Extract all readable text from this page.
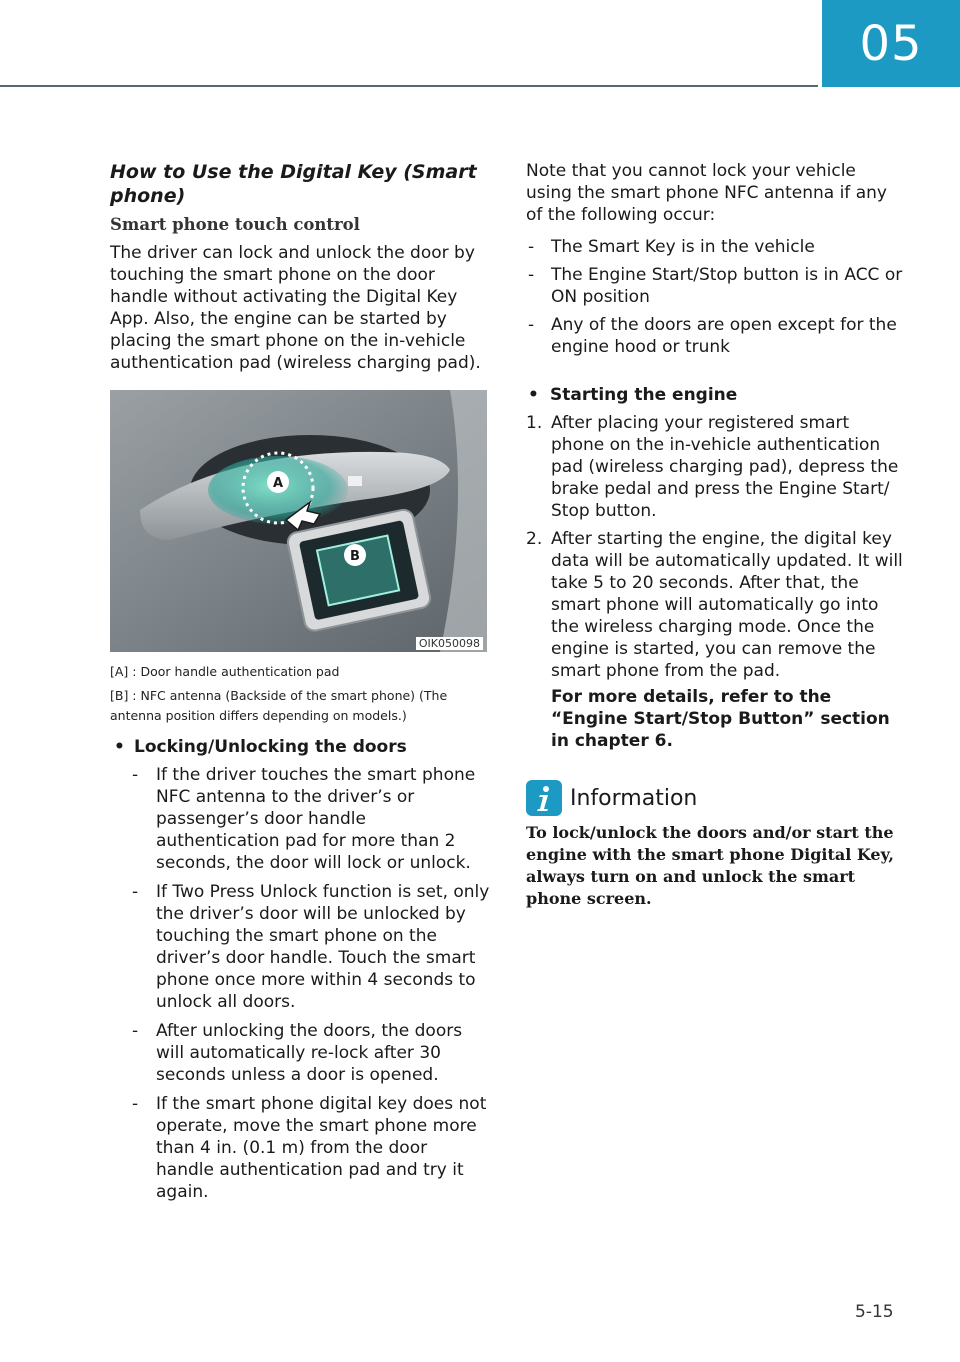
05
How to Use the Digital Key (Smart phone)
Smart phone touch control

The driver can lock and unlock the door by touching the smart phone on the door handle without activating the Digital Key App. Also, the engine can be started by placing the smart phone on the in-vehicle authentication pad (wireless charging pad).

A
B
OIK050098

[A] : Door handle authentication pad

[B] : NFC antenna (Backside of the smart phone) (The antenna position differs depending on models.)

• Locking/Unlocking the doors
- If the driver touches the smart phone NFC antenna to the driver’s or passenger’s door handle authentication pad for more than 2 seconds, the door will lock or unlock.
- If Two Press Unlock function is set, only the driver’s door will be unlocked by touching the smart phone on the driver’s door handle. Touch the smart phone once more within 4 seconds to unlock all doors.
- After unlocking the doors, the doors will automatically re-lock after 30 seconds unless a door is opened.
- If the smart phone digital key does not operate, move the smart phone more than 4 in. (0.1 m) from the door handle authentication pad and try it again.

Note that you cannot lock your vehicle using the smart phone NFC antenna if any of the following occur:

- The Smart Key is in the vehicle
- The Engine Start/Stop button is in ACC or ON position
- Any of the doors are open except for the engine hood or trunk
• Starting the engine
1. After placing your registered smart phone on the in-vehicle authentication pad (wireless charging pad), depress the brake pedal and press the Engine Start/ Stop button.
2. After starting the engine, the digital key data will be automatically updated. It will take 5 to 20 seconds. After that, the smart phone will automatically go into the wireless charging mode. Once the engine is started, you can remove the smart phone from the pad.
For more details, refer to the “Engine Start/Stop Button” section in chapter 6.
Information

To lock/unlock the doors and/or start the engine with the smart phone Digital Key, always turn on and unlock the smart phone screen.

5-15
